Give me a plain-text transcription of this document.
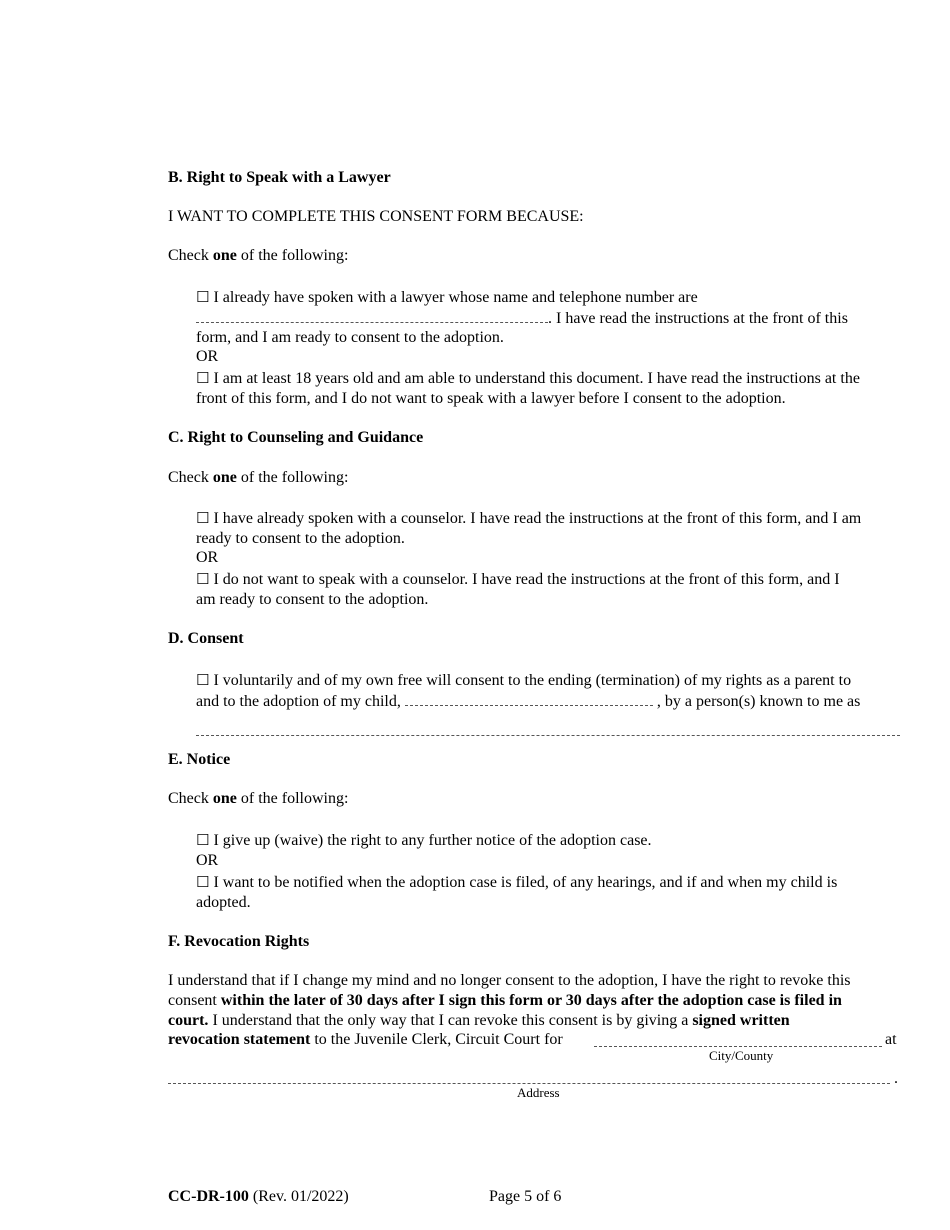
B. Right to Speak with a Lawyer
I WANT TO COMPLETE THIS CONSENT FORM BECAUSE:
Check one of the following:
☐ I already have spoken with a lawyer whose name and telephone number are
. I have read the instructions at the front of this
form, and I am ready to consent to the adoption.
OR
☐ I am at least 18 years old and am able to understand this document. I have read the instructions at the
front of this form, and I do not want to speak with a lawyer before I consent to the adoption.
C. Right to Counseling and Guidance
Check one of the following:
☐ I have already spoken with a counselor. I have read the instructions at the front of this form, and I am
ready to consent to the adoption.
OR
☐ I do not want to speak with a counselor. I have read the instructions at the front of this form, and I
am ready to consent to the adoption.
D. Consent
☐ I voluntarily and of my own free will consent to the ending (termination) of my rights as a parent to
and to the adoption of my child,	, by a person(s) known to me as
E. Notice
Check one of the following:
☐ I give up (waive) the right to any further notice of the adoption case.
OR
☐ I want to be notified when the adoption case is filed, of any hearings, and if and when my child is
adopted.
F. Revocation Rights
I understand that if I change my mind and no longer consent to the adoption, I have the right to revoke this
consent within the later of 30 days after I sign this form or 30 days after the adoption case is filed in
court. I understand that the only way that I can revoke this consent is by giving a signed written
revocation statement to the Juvenile Clerk, Circuit Court for	at
City/County
.
Address
CC-DR-100 (Rev. 01/2022)	Page 5 of 6
